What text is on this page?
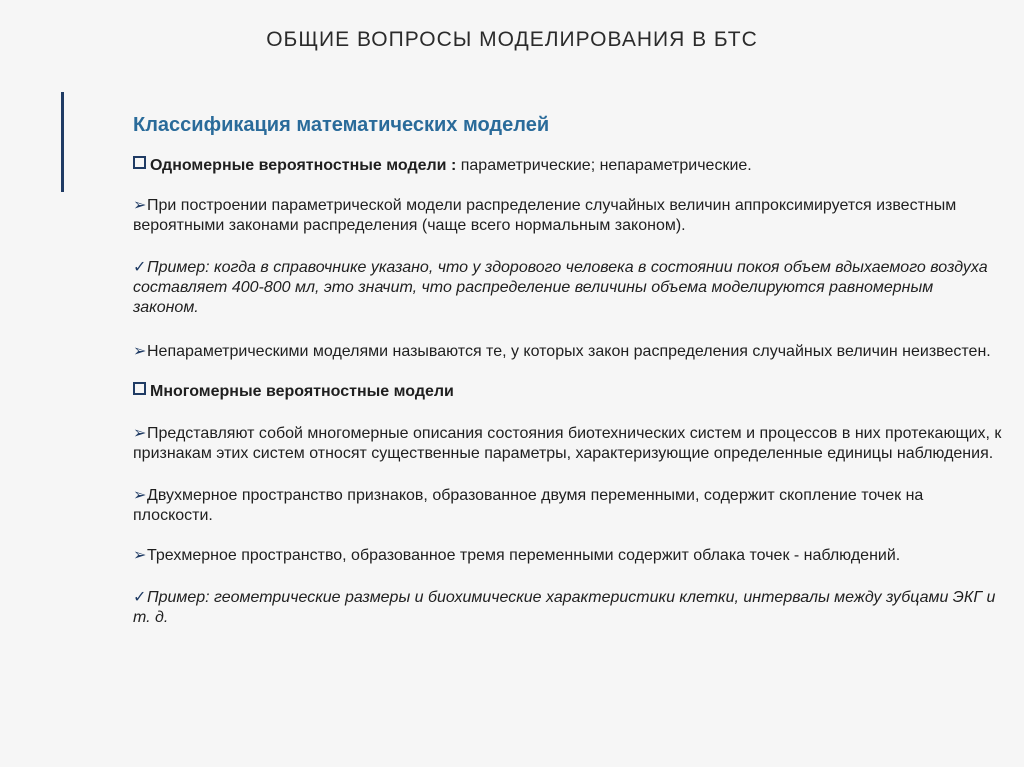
ОБЩИЕ ВОПРОСЫ МОДЕЛИРОВАНИЯ В БТС
Классификация математических моделей

Одномерные вероятностные модели : параметрические; непараметрические.

➢При построении параметрической модели распределение случайных величин аппроксимируется известным вероятными законами распределения (чаще всего нормальным законом).

✓Пример: когда в справочнике указано, что у здорового человека в состоянии покоя объем вдыхаемого воздуха составляет 400-800 мл, это значит, что распределение величины объема моделируются равномерным законом.

➢Непараметрическими моделями называются те, у которых закон распределения случайных величин неизвестен.

Многомерные вероятностные модели

➢Представляют собой многомерные описания состояния биотехнических систем и процессов в них протекающих, к признакам этих систем относят существенные параметры, характеризующие определенные единицы наблюдения.

➢Двухмерное пространство признаков, образованное двумя переменными, содержит скопление точек на плоскости.

➢Трехмерное пространство, образованное тремя переменными содержит облака точек - наблюдений.

✓Пример: геометрические размеры и биохимические характеристики клетки, интервалы между зубцами ЭКГ и т. д.
